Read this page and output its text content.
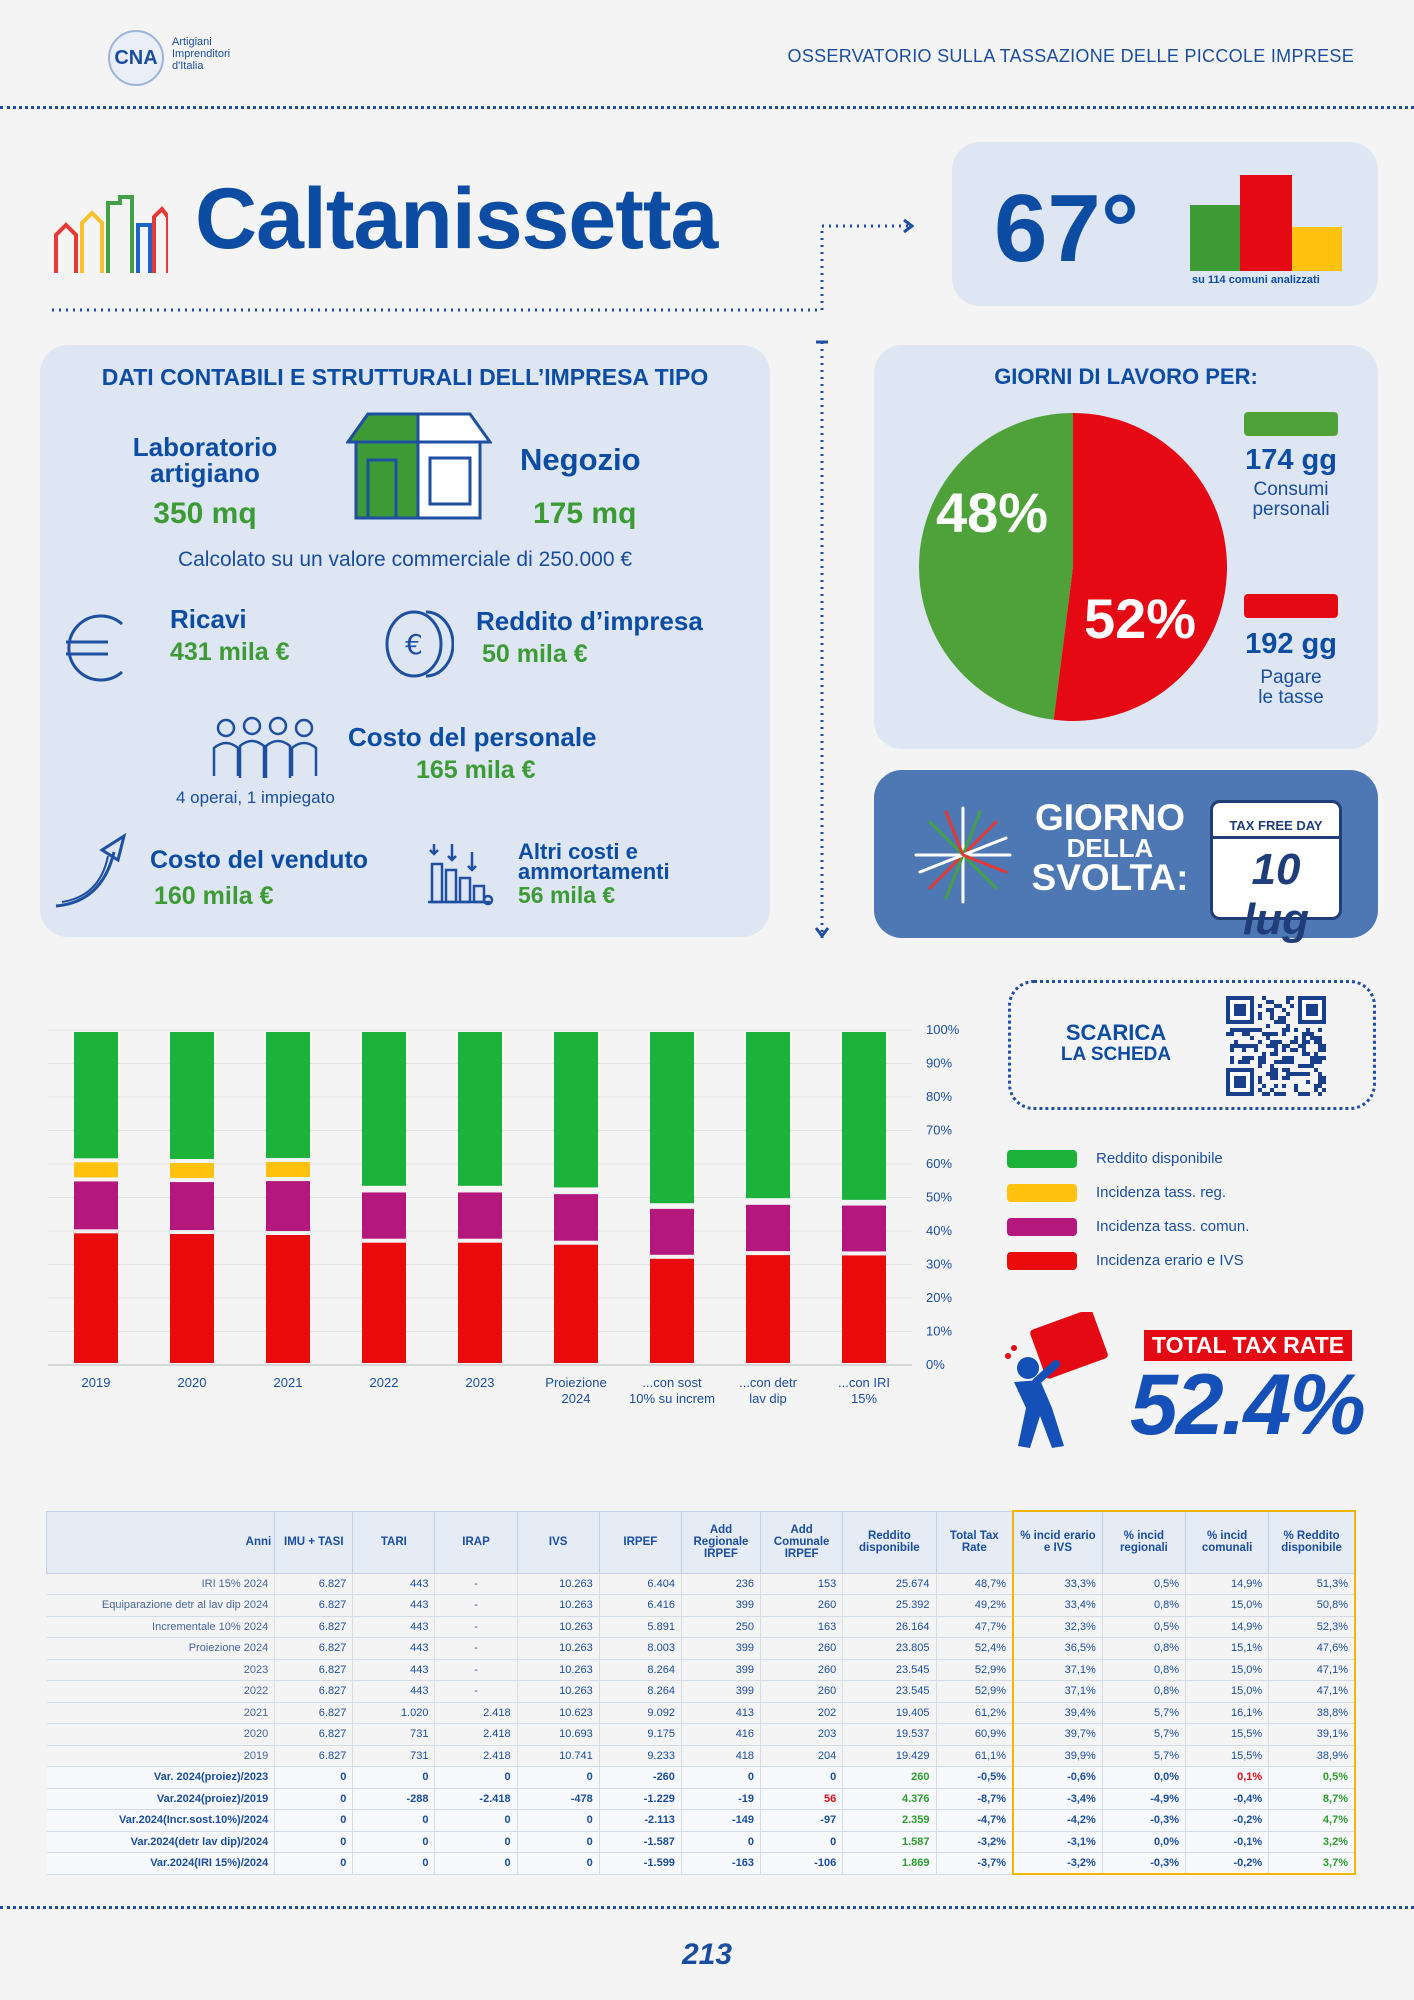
CNA
Artigiani Imprenditori d'Italia	OSSERVATORIO SULLA TASSAZIONE DELLE PICCOLE IMPRESE
Caltanissetta	67°	su 114 comuni analizzati
DATI CONTABILI E STRUTTURALI DELL’IMPRESA TIPO
Laboratorio artigiano
350 mq
Negozio
175 mq
Calcolato su un valore commerciale di 250.000 €
Ricavi
431 mila €	€
Reddito d’impresa
50 mila €
4 operai, 1 impiegato
Costo del personale
165 mila €
Costo del venduto
160 mila €
Altri costi e
ammortamenti
56 mila €
GIORNI DI LAVORO PER:
48%
52%
174 gg
Consumi
personali
192 gg
Pagare
le tasse
GIORNO
DELLA
SVOLTA:
TAX FREE DAY
10 lug
0%
10%
20%
30%
40%
50%
60%
70%
80%
90%
100%
2019	2020	2021	2022	2023	Proiezione
2024
...con sost
10% su increm
...con detr
lav dip
...con IRI
15%
SCARICA
LA SCHEDA
Reddito disponibile
Incidenza tass. reg.
Incidenza tass. comun.
Incidenza erario e IVS
TOTAL TAX RATE
52.4%
Anni	IMU + TASI	TARI	IRAP	IVS	IRPEF	Add Regionale IRPEF	Add Comunale IRPEF	Reddito disponibile	Total Tax Rate	% incid erario e IVS	% incid regionali	% incid comunali	% Reddito disponibile
IRI 15% 2024	6.827	443	-	10.263	6.404	236	153	25.674	48,7%	33,3%	0,5%	14,9%	51,3%
Equiparazione detr al lav dip 2024	6.827	443	-	10.263	6.416	399	260	25.392	49,2%	33,4%	0,8%	15,0%	50,8%
Incrementale 10% 2024	6.827	443	-	10.263	5.891	250	163	26.164	47,7%	32,3%	0,5%	14,9%	52,3%
Proiezione 2024	6.827	443	-	10.263	8.003	399	260	23.805	52,4%	36,5%	0,8%	15,1%	47,6%
2023	6.827	443	-	10.263	8.264	399	260	23.545	52,9%	37,1%	0,8%	15,0%	47,1%
2022	6.827	443	-	10.263	8.264	399	260	23.545	52,9%	37,1%	0,8%	15,0%	47,1%
2021	6.827	1.020	2.418	10.623	9.092	413	202	19.405	61,2%	39,4%	5,7%	16,1%	38,8%
2020	6.827	731	2.418	10.693	9.175	416	203	19.537	60,9%	39,7%	5,7%	15,5%	39,1%
2019	6.827	731	2.418	10.741	9.233	418	204	19.429	61,1%	39,9%	5,7%	15,5%	38,9%
Var. 2024(proiez)/2023	0	0	0	0	-260	0	0	260	-0,5%	-0,6%	0,0%	0,1%	0,5%
Var.2024(proiez)/2019	0	-288	-2.418	-478	-1.229	-19	56	4.376	-8,7%	-3,4%	-4,9%	-0,4%	8,7%
Var.2024(Incr.sost.10%)/2024	0	0	0	0	-2.113	-149	-97	2.359	-4,7%	-4,2%	-0,3%	-0,2%	4,7%
Var.2024(detr lav dip)/2024	0	0	0	0	-1.587	0	0	1.587	-3,2%	-3,1%	0,0%	-0,1%	3,2%
Var.2024(IRI 15%)/2024	0	0	0	0	-1.599	-163	-106	1.869	-3,7%	-3,2%	-0,3%	-0,2%	3,7%
213
